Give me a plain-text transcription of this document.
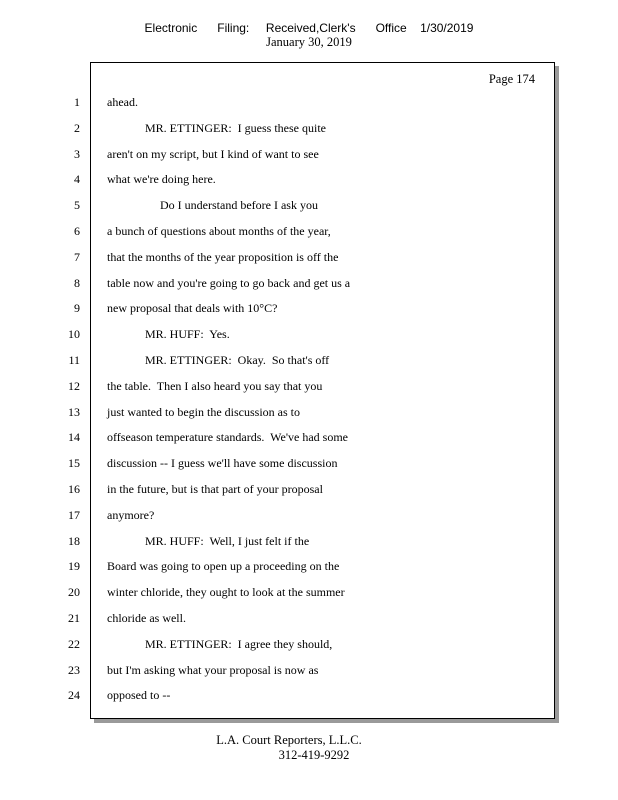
Electronic Filing: Received,Clerk's Office 1/30/2019
January 30, 2019
Page 174
1 ahead.
2	MR. ETTINGER:  I guess these quite
3 aren't on my script, but I kind of want to see
4 what we're doing here.
5	Do I understand before I ask you
6 a bunch of questions about months of the year,
7 that the months of the year proposition is off the
8 table now and you're going to go back and get us a
9 new proposal that deals with 10°C?
10	MR. HUFF:  Yes.
11	MR. ETTINGER:  Okay.  So that's off
12 the table.  Then I also heard you say that you
13 just wanted to begin the discussion as to
14 offseason temperature standards.  We've had some
15 discussion -- I guess we'll have some discussion
16 in the future, but is that part of your proposal
17 anymore?
18	MR. HUFF:  Well, I just felt if the
19 Board was going to open up a proceeding on the
20 winter chloride, they ought to look at the summer
21 chloride as well.
22	MR. ETTINGER:  I agree they should,
23 but I'm asking what your proposal is now as
24 opposed to --
L.A. Court Reporters, L.L.C.
312-419-9292
